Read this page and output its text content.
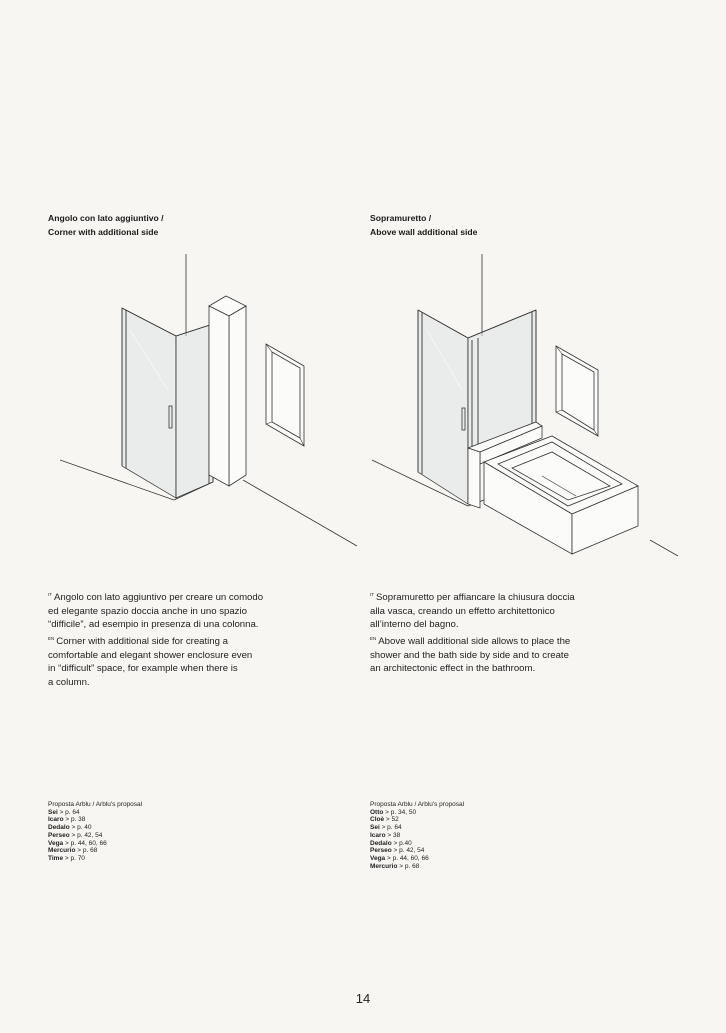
Angolo con lato aggiuntivo /
Corner with additional side
$^{IT}$ Angolo con lato aggiuntivo per creare un comodo
ed elegante spazio doccia anche in uno spazio
“difficile”, ad esempio in presenza di una colonna.
$^{EN}$ Corner with additional side for creating a
comfortable and elegant shower enclosure even
in “difficult” space, for example when there is
a column.
Proposta Arblu / Arblu's proposal
Sei > p. 64
Icaro > p. 38
Dedalo > p. 40
Perseo > p. 42, 54
Vega > p. 44, 60, 66
Mercurio > p. 68
Time > p. 70
Sopramuretto /
Above wall additional side
$^{IT}$ Sopramuretto per affiancare la chiusura doccia
alla vasca, creando un effetto architettonico
all’interno del bagno.
$^{EN}$ Above wall additional side allows to place the
shower and the bath side by side and to create
an architectonic effect in the bathroom.
Proposta Arblu / Arblu's proposal
Otto > p. 34, 50
Cloè > 52
Sei > p. 64
Icaro > 38
Dedalo > p.40
Perseo > p. 42, 54
Vega > p. 44, 60, 66
Mercurio > p. 68
14
